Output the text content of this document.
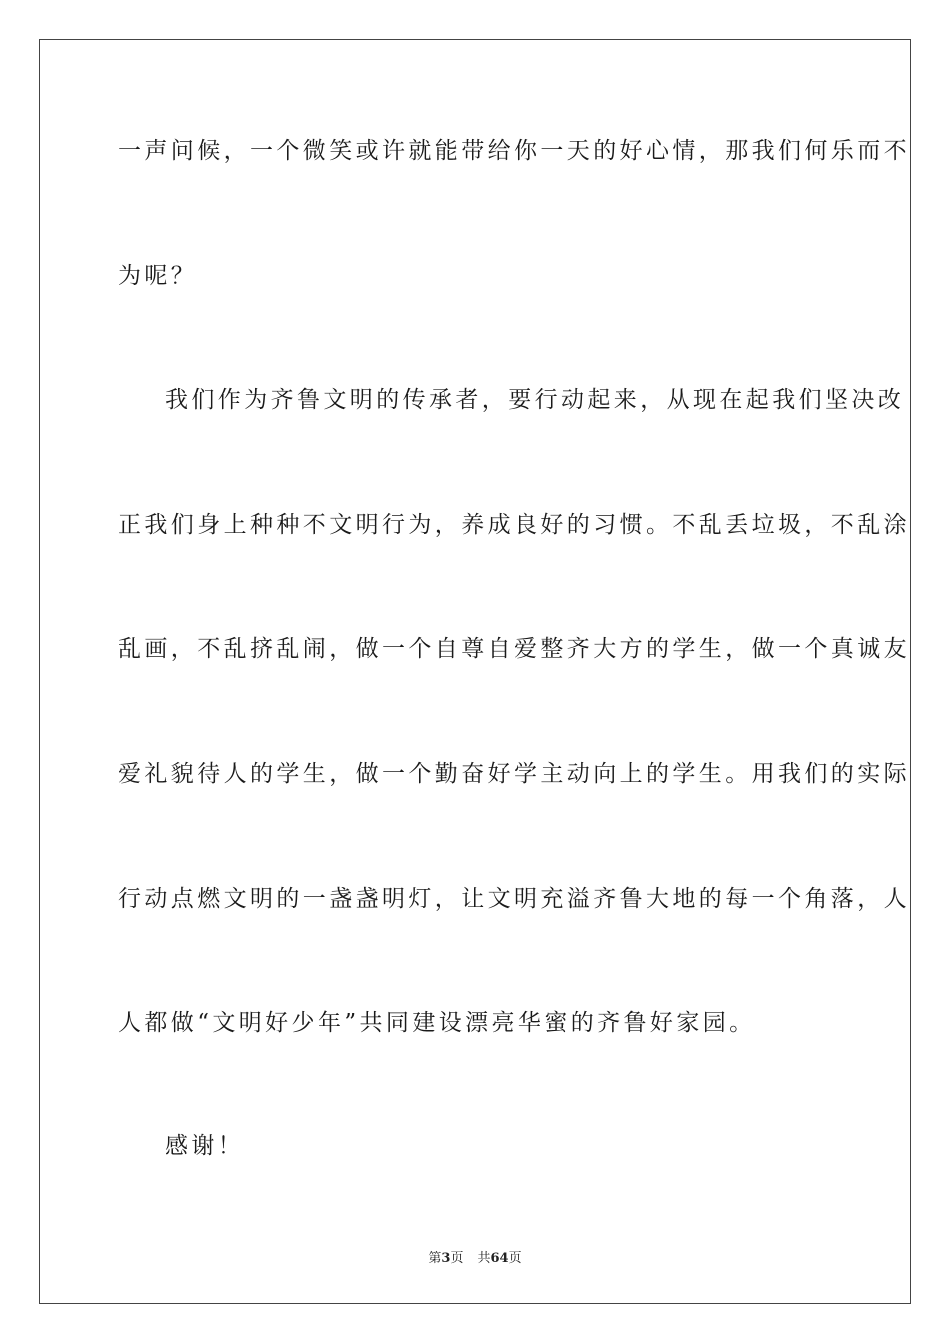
一声问候，一个微笑或许就能带给你一天的好心情，那我们何乐而不
为呢？
我们作为齐鲁文明的传承者，要行动起来，从现在起我们坚决改
正我们身上种种不文明行为，养成良好的习惯。不乱丢垃圾，不乱涂
乱画，不乱挤乱闹，做一个自尊自爱整齐大方的学生，做一个真诚友
爱礼貌待人的学生，做一个勤奋好学主动向上的学生。用我们的实际
行动点燃文明的一盏盏明灯，让文明充溢齐鲁大地的每一个角落，人
人都做“文明好少年”共同建设漂亮华蜜的齐鲁好家园。
感谢！
第3页 共64页
